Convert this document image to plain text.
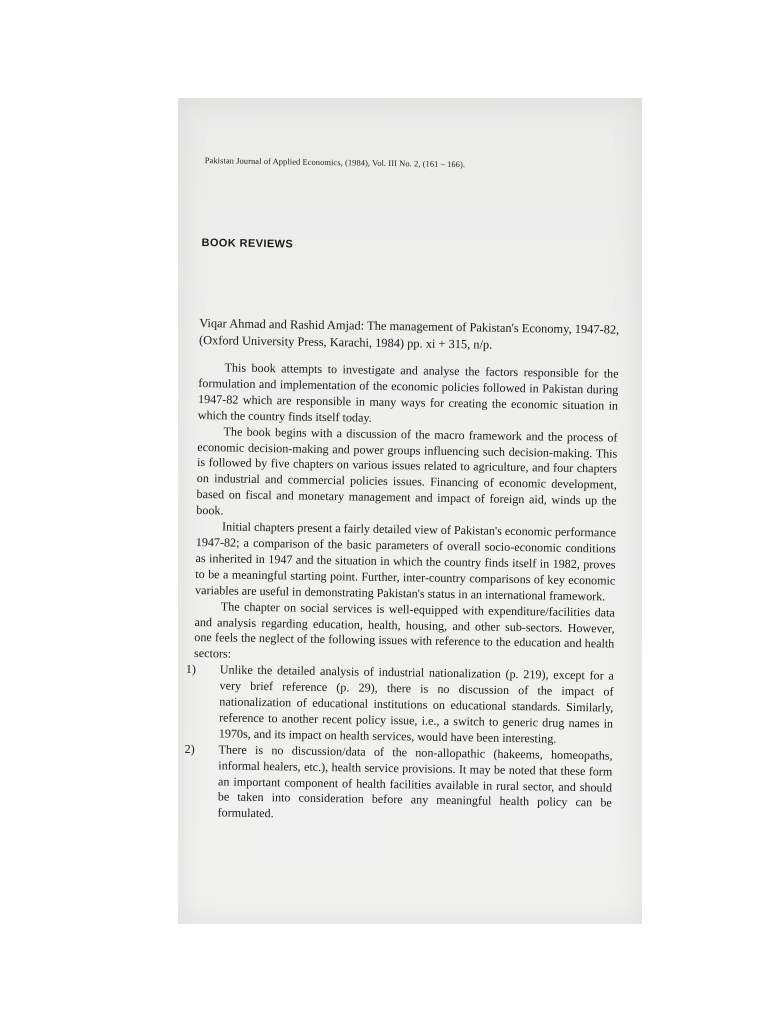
Pakistan Journal of Applied Economics, (1984), Vol. III No. 2, (161 – 166).
BOOK REVIEWS
Viqar Ahmad and Rashid Amjad: The management of Pakistan's Economy, 1947-82, (Oxford University Press, Karachi, 1984) pp. xi + 315, n/p.

This book attempts to investigate and analyse the factors responsible for the formulation and implementation of the economic policies followed in Pakistan during 1947-82 which are responsible in many ways for creating the economic situation in which the country finds itself today.

The book begins with a discussion of the macro framework and the process of economic decision-making and power groups influencing such decision-making. This is followed by five chapters on various issues related to agriculture, and four chapters on industrial and commercial policies issues. Financing of economic development, based on fiscal and monetary management and impact of foreign aid, winds up the book.

Initial chapters present a fairly detailed view of Pakistan's economic performance 1947-82; a comparison of the basic parameters of overall socio-economic conditions as inherited in 1947 and the situation in which the country finds itself in 1982, proves to be a meaningful starting point. Further, inter-country comparisons of key economic variables are useful in demonstrating Pakistan's status in an international framework.

The chapter on social services is well-equipped with expenditure/facilities data and analysis regarding education, health, housing, and other sub-sectors. However, one feels the neglect of the following issues with reference to the education and health sectors:

1) Unlike the detailed analysis of industrial nationalization (p. 219), except for a very brief reference (p. 29), there is no discussion of the impact of nationalization of educational institutions on educational standards. Similarly, reference to another recent policy issue, i.e., a switch to generic drug names in 1970s, and its impact on health services, would have been interesting.
2) There is no discussion/data of the non-allopathic (hakeems, homeopaths, informal healers, etc.), health service provisions. It may be noted that these form an important component of health facilities available in rural sector, and should be taken into consideration before any meaningful health policy can be formulated.
